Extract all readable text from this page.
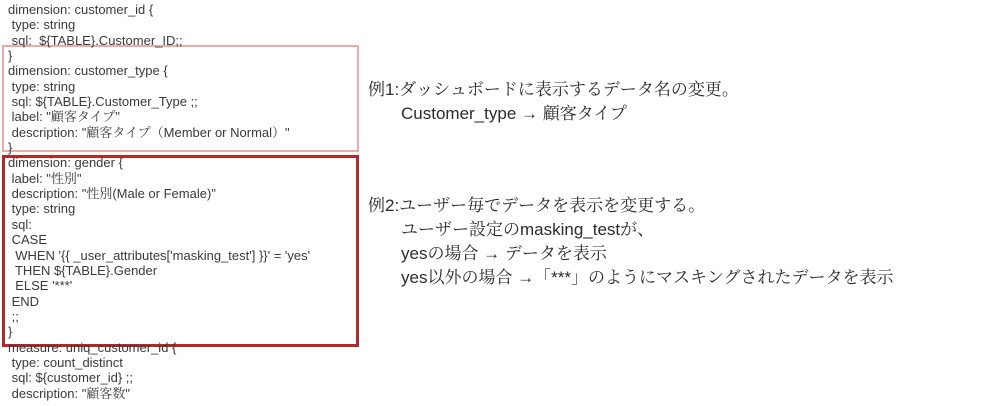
dimension: customer_id {
type: string
sql:  ${TABLE}.Customer_ID;;
}
dimension: customer_type {
type: string
sql: ${TABLE}.Customer_Type ;;
label: "顧客タイプ"
description: "顧客タイプ（Member or Normal）"
}
dimension: gender {
label: "性別"
description: "性別(Male or Female)"
type: string
sql:
CASE
WHEN '{{ _user_attributes['masking_test'] }}' = 'yes'
THEN ${TABLE}.Gender
ELSE '***'
END
;;
}
measure: uniq_customer_id {
type: count_distinct
sql: ${customer_id} ;;
description: "顧客数"
例1:ダッシュボードに表示するデータ名の変更。
Customer_type → 顧客タイプ
例2:ユーザー毎でデータを表示を変更する。
ユーザー設定のmasking_testが、
yesの場合 → データを表示
yes以外の場合 →「***」のようにマスキングされたデータを表示
